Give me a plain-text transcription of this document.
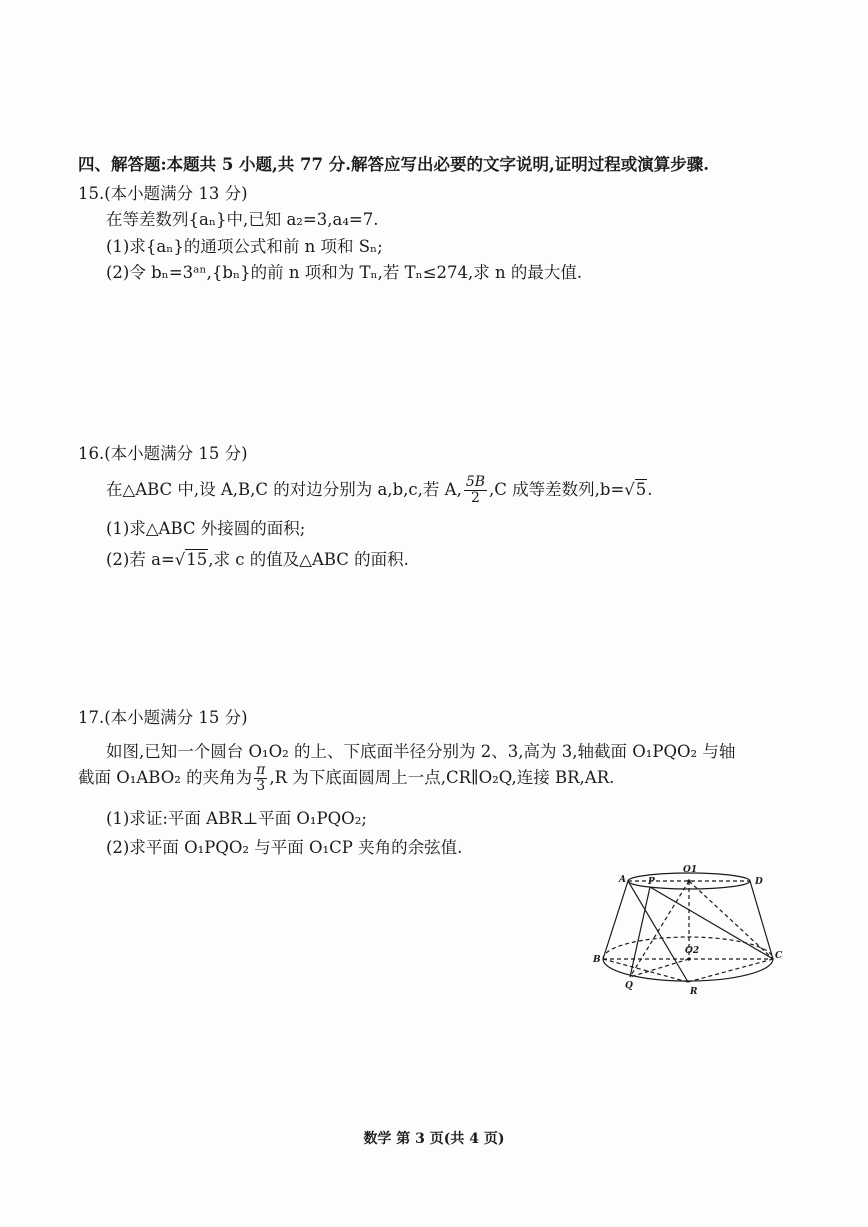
四、解答题:本题共 5 小题,共 77 分.解答应写出必要的文字说明,证明过程或演算步骤.
15.(本小题满分 13 分)
在等差数列{aₙ}中,已知 a₂=3,a₄=7.
(1)求{aₙ}的通项公式和前 n 项和 Sₙ;
(2)令 bₙ=3ᵃⁿ,{bₙ}的前 n 项和为 Tₙ,若 Tₙ≤274,求 n 的最大值.
16.(本小题满分 15 分)
在△ABC 中,设 A,B,C 的对边分别为 a,b,c,若 A, $\frac{5B}{2} ,C$ 成等差数列,b=√5.
(1)求△ABC 外接圆的面积;
(2)若 a=√15,求 c 的值及△ABC 的面积.
17.(本小题满分 15 分)
如图,已知一个圆台 O₁O₂ 的上、下底面半径分别为 2、3,高为 3,轴截面 O₁PQO₂ 与轴
截面 O₁ABO₂ 的夹角为 $\frac{\pi}{3} ,R$ 为下底面圆周上一点,CR∥O₂Q,连接 BR,AR.
(1)求证:平面 ABR⊥平面 O₁PQO₂;
(2)求平面 O₁PQO₂ 与平面 O₁CP 夹角的余弦值.
A P
O1
D
B
O2	C
Q
R
数学 第 3 页(共 4 页)
